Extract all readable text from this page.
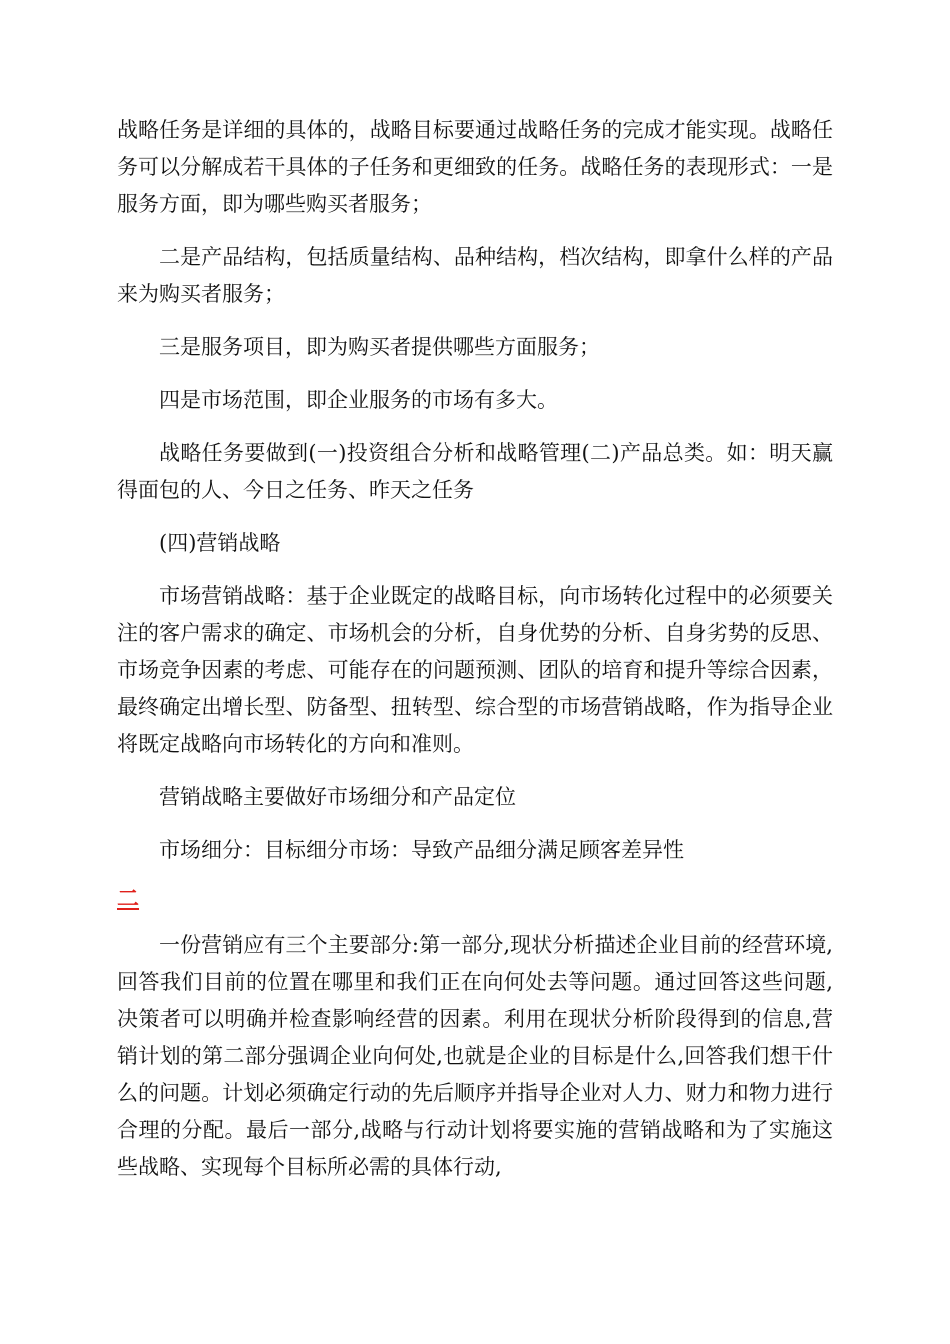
战略任务是详细的具体的，战略目标要通过战略任务的完成才能实现。战略任务可以分解成若干具体的子任务和更细致的任务。战略任务的表现形式：一是服务方面，即为哪些购买者服务；

二是产品结构，包括质量结构、品种结构，档次结构，即拿什么样的产品来为购买者服务；

三是服务项目，即为购买者提供哪些方面服务；

四是市场范围，即企业服务的市场有多大。

战略任务要做到(一)投资组合分析和战略管理(二)产品总类。如：明天赢得面包的人、今日之任务、昨天之任务

(四)营销战略

市场营销战略：基于企业既定的战略目标，向市场转化过程中的必须要关注的客户需求的确定、市场机会的分析，自身优势的分析、自身劣势的反思、市场竞争因素的考虑、可能存在的问题预测、团队的培育和提升等综合因素，最终确定出增长型、防备型、扭转型、综合型的市场营销战略，作为指导企业将既定战略向市场转化的方向和准则。

营销战略主要做好市场细分和产品定位

市场细分：目标细分市场：导致产品细分满足顾客差异性

二

一份营销应有三个主要部分:第一部分,现状分析描述企业目前的经营环境,回答我们目前的位置在哪里和我们正在向何处去等问题。通过回答这些问题,决策者可以明确并检查影响经营的因素。利用在现状分析阶段得到的信息,营销计划的第二部分强调企业向何处,也就是企业的目标是什么,回答我们想干什么的问题。计划必须确定行动的先后顺序并指导企业对人力、财力和物力进行合理的分配。最后一部分,战略与行动计划将要实施的营销战略和为了实施这些战略、实现每个目标所必需的具体行动,
